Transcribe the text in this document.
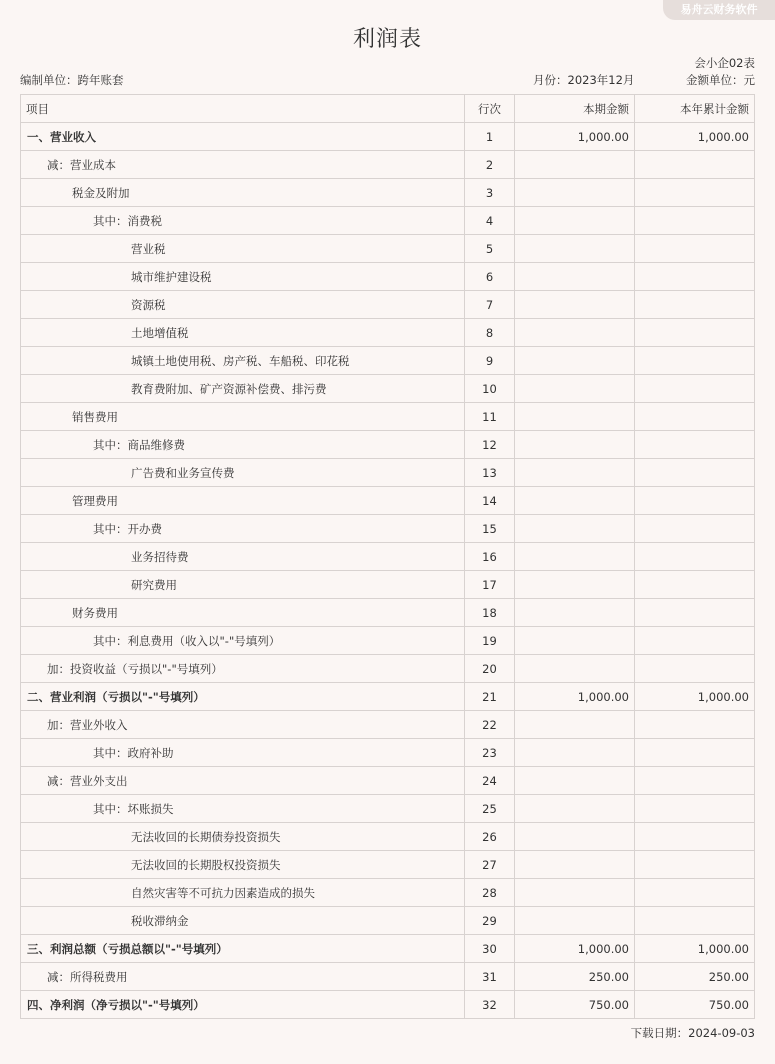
易舟云财务软件
利润表
会小企02表
编制单位：跨年账套	月份：2023年12月	金额单位：元
项目	行次	本期金额	本年累计金额
一、营业收入	1	1,000.00	1,000.00
减：营业成本	2		
税金及附加	3		
其中：消费税	4		
营业税	5		
城市维护建设税	6		
资源税	7		
土地增值税	8		
城镇土地使用税、房产税、车船税、印花税	9		
教育费附加、矿产资源补偿费、排污费	10		
销售费用	11		
其中：商品维修费	12		
广告费和业务宣传费	13		
管理费用	14		
其中：开办费	15		
业务招待费	16		
研究费用	17		
财务费用	18		
其中：利息费用（收入以"-"号填列）	19		
加：投资收益（亏损以"-"号填列）	20		
二、营业利润（亏损以"-"号填列）	21	1,000.00	1,000.00
加：营业外收入	22		
其中：政府补助	23		
减：营业外支出	24		
其中：坏账损失	25		
无法收回的长期债券投资损失	26		
无法收回的长期股权投资损失	27		
自然灾害等不可抗力因素造成的损失	28		
税收滞纳金	29		
三、利润总额（亏损总额以"-"号填列）	30	1,000.00	1,000.00
减：所得税费用	31	250.00	250.00
四、净利润（净亏损以"-"号填列）	32	750.00	750.00
下载日期：2024-09-03
